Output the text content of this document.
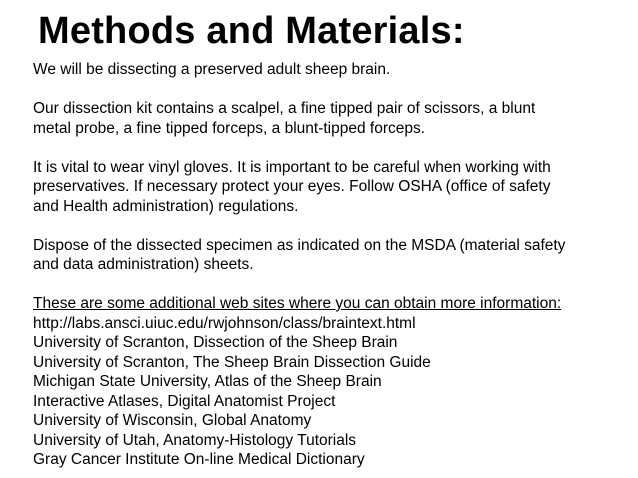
Methods and Materials:

We will be dissecting a preserved adult sheep brain.

Our dissection kit contains a scalpel, a fine tipped pair of scissors, a blunt
metal probe, a fine tipped forceps, a blunt-tipped forceps.

It is vital to wear vinyl gloves. It is important to be careful when working with
preservatives. If necessary protect your eyes. Follow OSHA (office of safety
and Health administration) regulations.

Dispose of the dissected specimen as indicated on the MSDA (material safety
and data administration) sheets.

These are some additional web sites where you can obtain more information:
http://labs.ansci.uiuc.edu/rwjohnson/class/braintext.html
University of Scranton, Dissection of the Sheep Brain
University of Scranton, The Sheep Brain Dissection Guide
Michigan State University, Atlas of the Sheep Brain
Interactive Atlases, Digital Anatomist Project
University of Wisconsin, Global Anatomy
University of Utah, Anatomy-Histology Tutorials
Gray Cancer Institute On-line Medical Dictionary
